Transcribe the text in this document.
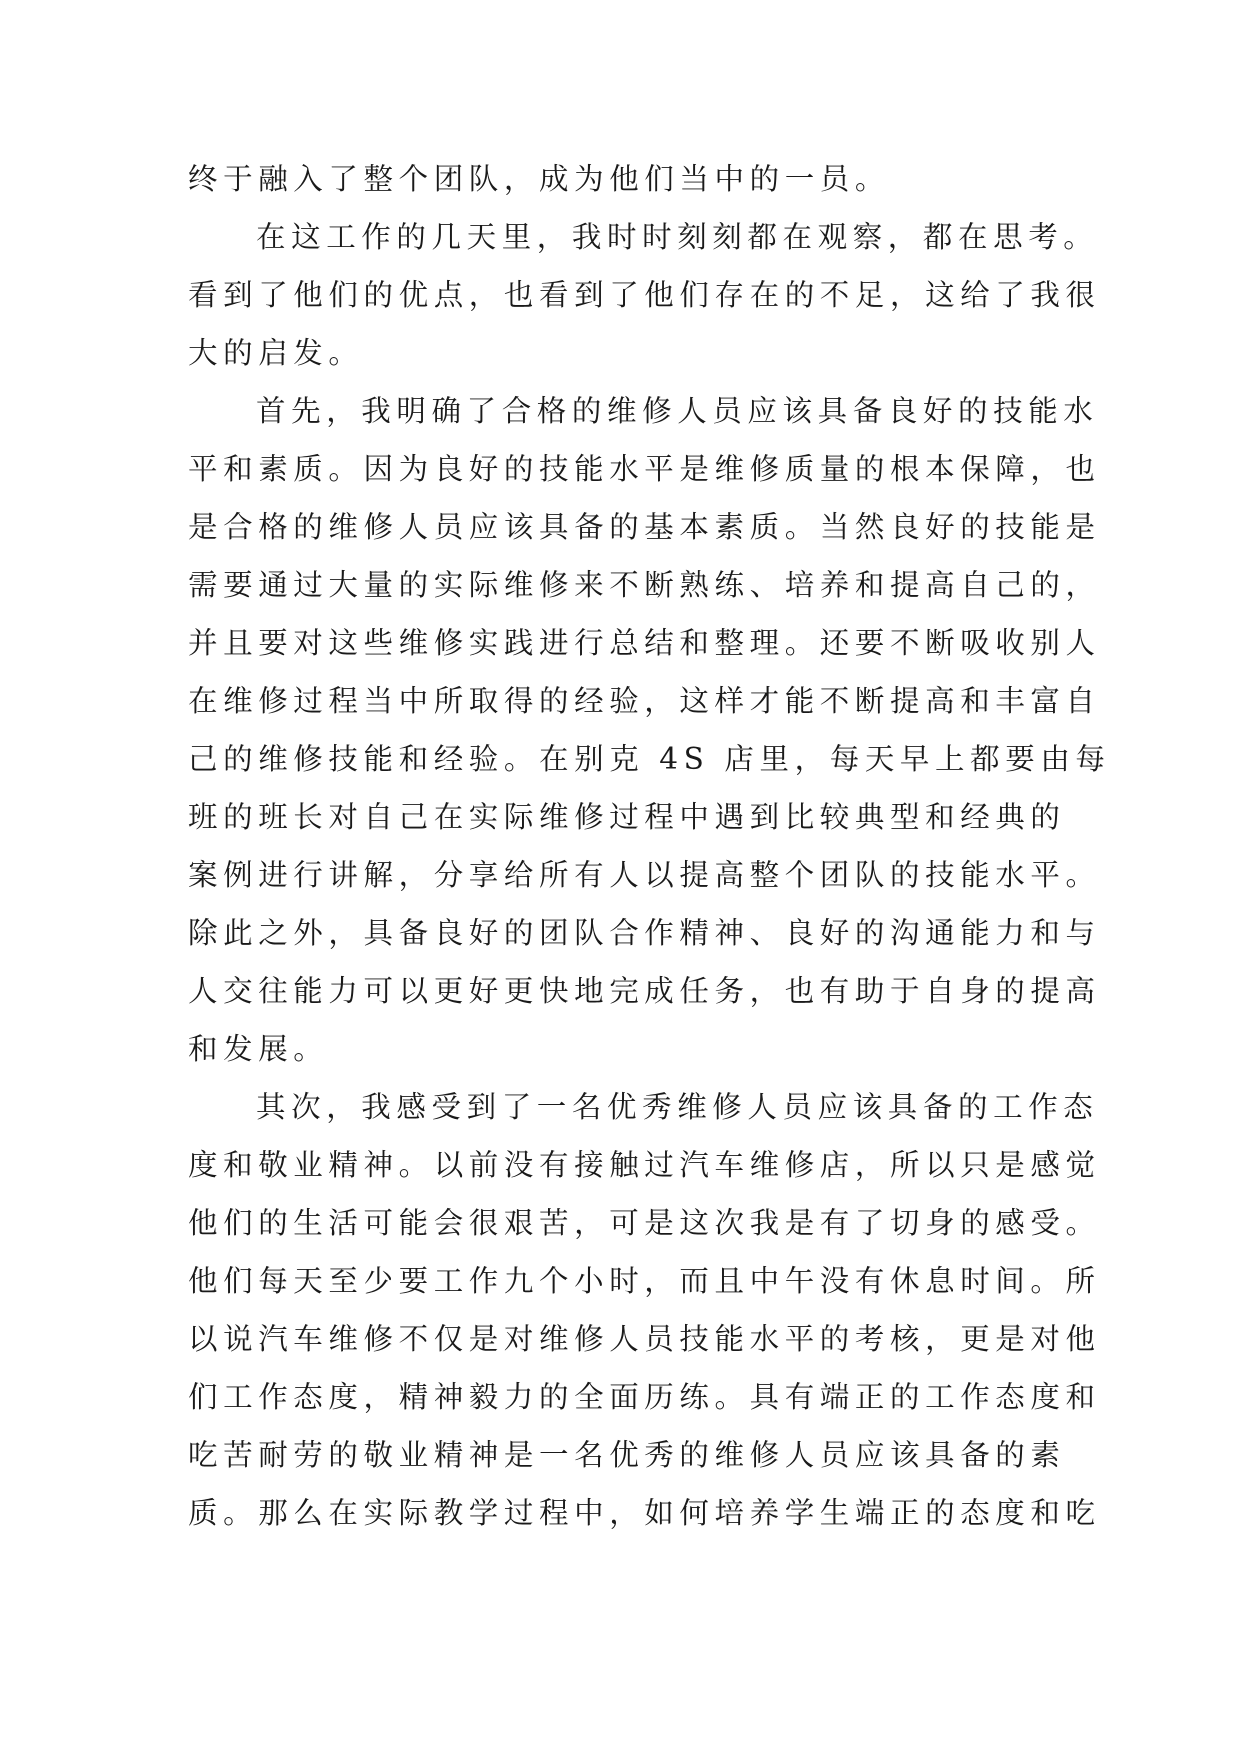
终于融入了整个团队，成为他们当中的一员。
在这工作的几天里，我时时刻刻都在观察，都在思考。
看到了他们的优点，也看到了他们存在的不足，这给了我很
大的启发。
首先，我明确了合格的维修人员应该具备良好的技能水
平和素质。因为良好的技能水平是维修质量的根本保障，也
是合格的维修人员应该具备的基本素质。当然良好的技能是
需要通过大量的实际维修来不断熟练、培养和提高自己的，
并且要对这些维修实践进行总结和整理。还要不断吸收别人
在维修过程当中所取得的经验，这样才能不断提高和丰富自
己的维修技能和经验。在别克 4S 店里，每天早上都要由每
班的班长对自己在实际维修过程中遇到比较典型和经典的
案例进行讲解，分享给所有人以提高整个团队的技能水平。
除此之外，具备良好的团队合作精神、良好的沟通能力和与
人交往能力可以更好更快地完成任务，也有助于自身的提高
和发展。
其次，我感受到了一名优秀维修人员应该具备的工作态
度和敬业精神。以前没有接触过汽车维修店，所以只是感觉
他们的生活可能会很艰苦，可是这次我是有了切身的感受。
他们每天至少要工作九个小时，而且中午没有休息时间。所
以说汽车维修不仅是对维修人员技能水平的考核，更是对他
们工作态度，精神毅力的全面历练。具有端正的工作态度和
吃苦耐劳的敬业精神是一名优秀的维修人员应该具备的素
质。那么在实际教学过程中，如何培养学生端正的态度和吃
